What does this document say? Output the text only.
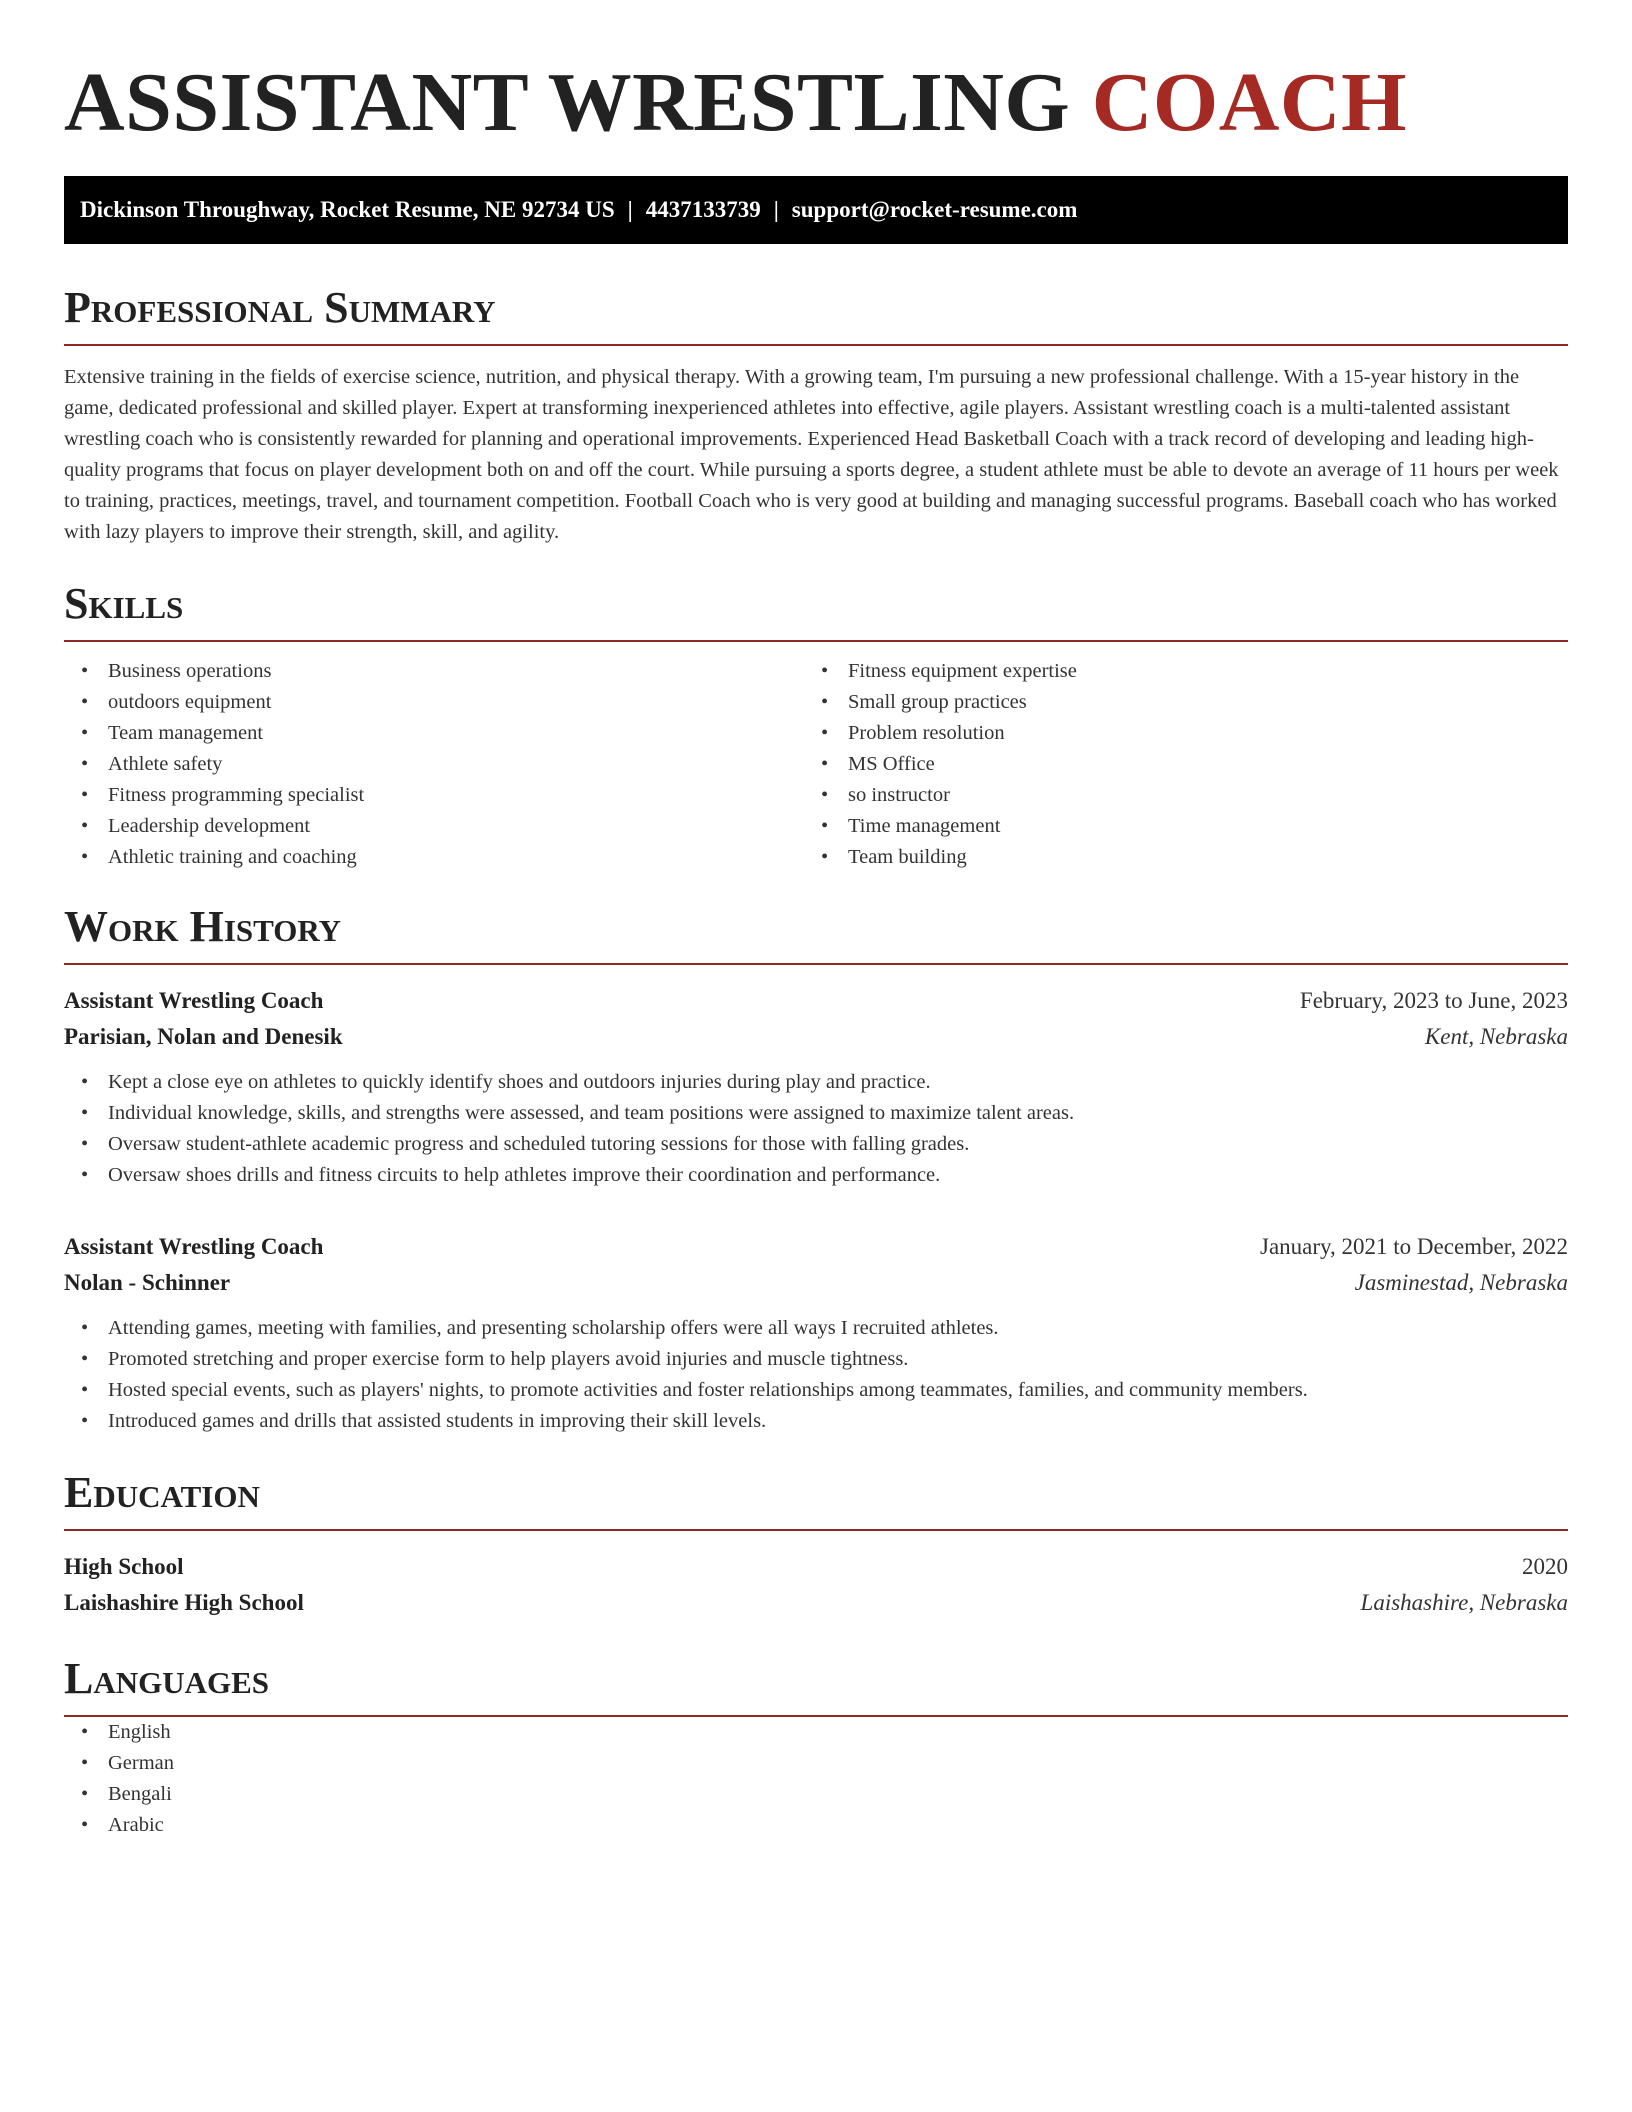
ASSISTANT WRESTLING COACH
Dickinson Throughway, Rocket Resume, NE 92734 US | 4437133739 | support@rocket-resume.com
Professional Summary

Extensive training in the fields of exercise science, nutrition, and physical therapy. With a growing team, I'm pursuing a new professional challenge. With a 15-year history in the game, dedicated professional and skilled player. Expert at transforming inexperienced athletes into effective, agile players. Assistant wrestling coach is a multi-talented assistant wrestling coach who is consistently rewarded for planning and operational improvements. Experienced Head Basketball Coach with a track record of developing and leading high-quality programs that focus on player development both on and off the court. While pursuing a sports degree, a student athlete must be able to devote an average of 11 hours per week to training, practices, meetings, travel, and tournament competition. Football Coach who is very good at building and managing successful programs. Baseball coach who has worked with lazy players to improve their strength, skill, and agility.

Skills
• Business operations
• outdoors equipment
• Team management
• Athlete safety
• Fitness programming specialist
• Leadership development
• Athletic training and coaching
• Fitness equipment expertise
• Small group practices
• Problem resolution
• MS Office
• so instructor
• Time management
• Team building
Work History
Assistant Wrestling Coach	February, 2023 to June, 2023
Parisian, Nolan and Denesik	Kent, Nebraska
• Kept a close eye on athletes to quickly identify shoes and outdoors injuries during play and practice.
• Individual knowledge, skills, and strengths were assessed, and team positions were assigned to maximize talent areas.
• Oversaw student-athlete academic progress and scheduled tutoring sessions for those with falling grades.
• Oversaw shoes drills and fitness circuits to help athletes improve their coordination and performance.
Assistant Wrestling Coach	January, 2021 to December, 2022
Nolan - Schinner	Jasminestad, Nebraska
• Attending games, meeting with families, and presenting scholarship offers were all ways I recruited athletes.
• Promoted stretching and proper exercise form to help players avoid injuries and muscle tightness.
• Hosted special events, such as players' nights, to promote activities and foster relationships among teammates, families, and community members.
• Introduced games and drills that assisted students in improving their skill levels.
Education
High School	2020
Laishashire High School	Laishashire, Nebraska
Languages
• English
• German
• Bengali
• Arabic
